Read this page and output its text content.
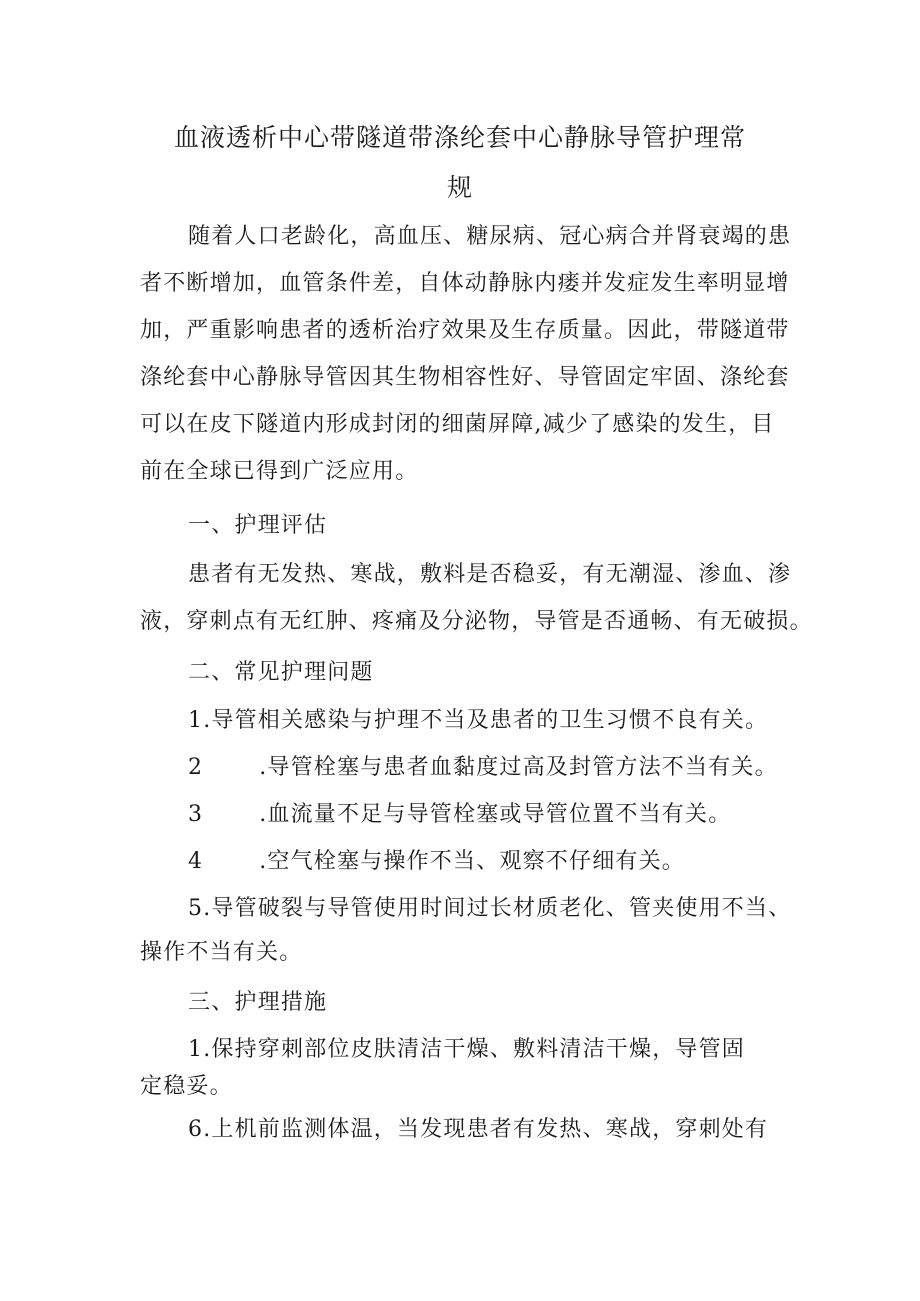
血液透析中心带隧道带涤纶套中心静脉导管护理常
规
随着人口老龄化，高血压、糖尿病、冠心病合并肾衰竭的患
者不断增加，血管条件差，自体动静脉内瘘并发症发生率明显增
加，严重影响患者的透析治疗效果及生存质量。因此，带隧道带
涤纶套中心静脉导管因其生物相容性好、导管固定牢固、涤纶套
可以在皮下隧道内形成封闭的细菌屏障,减少了感染的发生，目
前在全球已得到广泛应用。
一、护理评估
患者有无发热、寒战，敷料是否稳妥，有无潮湿、渗血、渗
液，穿刺点有无红肿、疼痛及分泌物，导管是否通畅、有无破损。
二、常见护理问题
1.导管相关感染与护理不当及患者的卫生习惯不良有关。
2	.导管栓塞与患者血黏度过高及封管方法不当有关。
3	.血流量不足与导管栓塞或导管位置不当有关。
4	.空气栓塞与操作不当、观察不仔细有关。
5.导管破裂与导管使用时间过长材质老化、管夹使用不当、
操作不当有关。
三、护理措施
1.保持穿刺部位皮肤清洁干燥、敷料清洁干燥，导管固
定稳妥。
6.上机前监测体温，当发现患者有发热、寒战，穿刺处有
